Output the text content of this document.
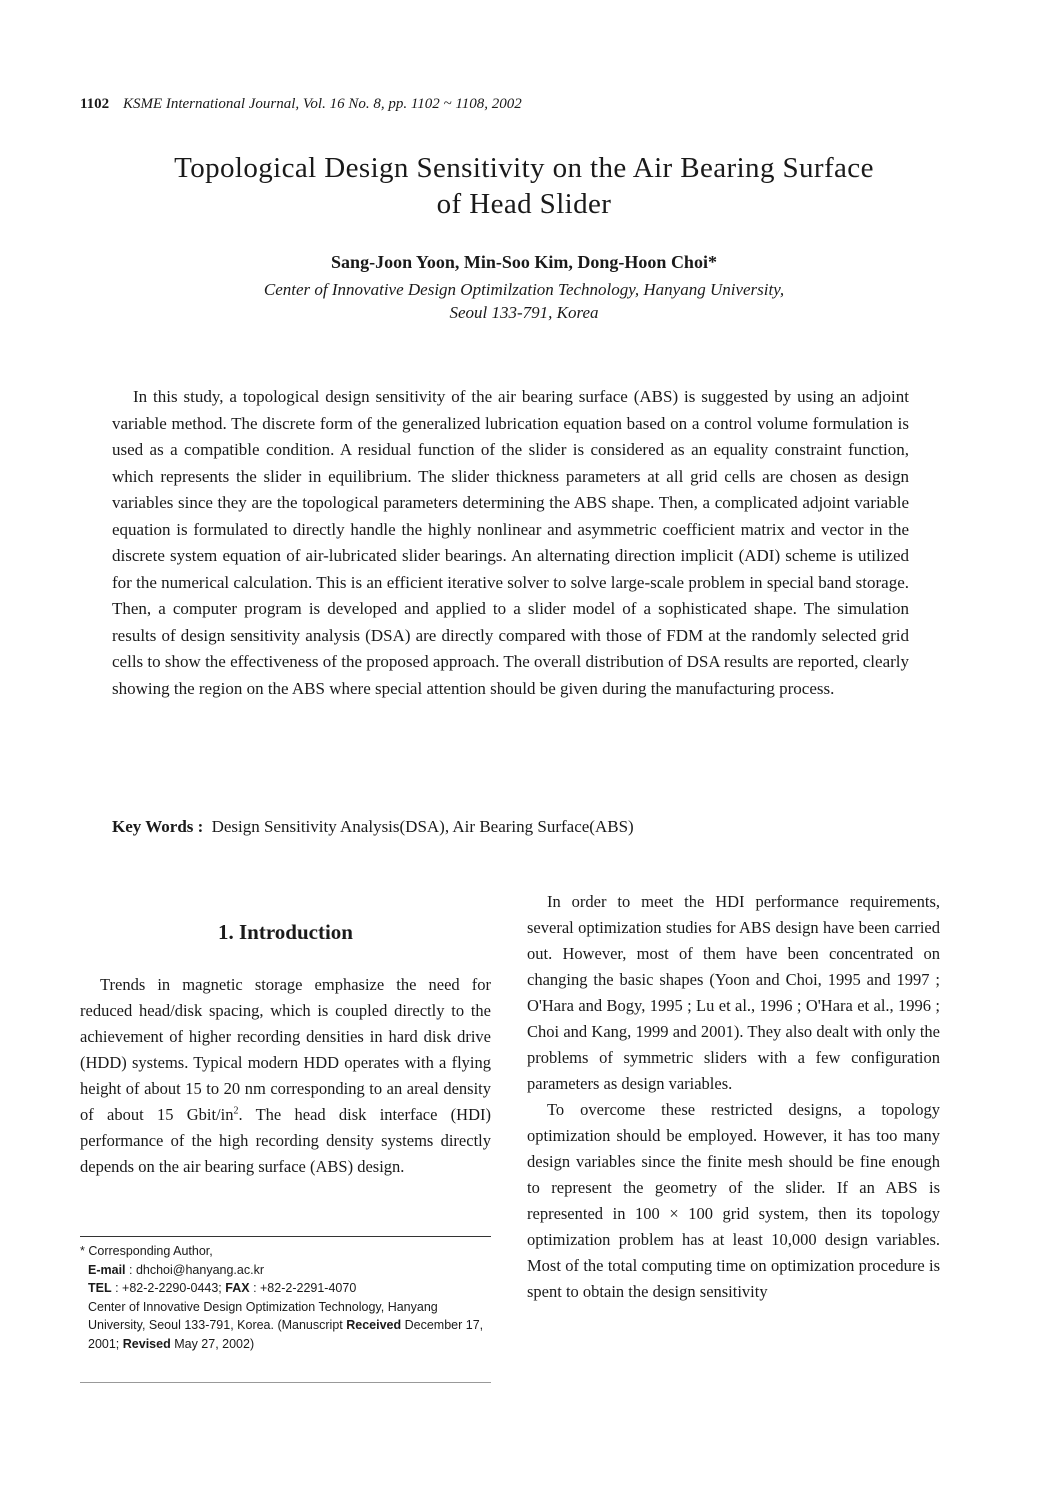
1102 KSME International Journal, Vol. 16 No. 8, pp. 1102 ~ 1108, 2002
Topological Design Sensitivity on the Air Bearing Surface
of Head Slider
Sang-Joon Yoon, Min-Soo Kim, Dong-Hoon Choi*
Center of Innovative Design Optimilzation Technology, Hanyang University,
Seoul 133-791, Korea

In this study, a topological design sensitivity of the air bearing surface (ABS) is suggested by using an adjoint variable method. The discrete form of the generalized lubrication equation based on a control volume formulation is used as a compatible condition. A residual function of the slider is considered as an equality constraint function, which represents the slider in equilibrium. The slider thickness parameters at all grid cells are chosen as design variables since they are the topological parameters determining the ABS shape. Then, a complicated adjoint variable equation is formulated to directly handle the highly nonlinear and asymmetric coefficient matrix and vector in the discrete system equation of air-lubricated slider bearings. An alternating direction implicit (ADI) scheme is utilized for the numerical calculation. This is an efficient iterative solver to solve large-scale problem in special band storage. Then, a computer program is developed and applied to a slider model of a sophisticated shape. The simulation results of design sensitivity analysis (DSA) are directly compared with those of FDM at the randomly selected grid cells to show the effectiveness of the proposed approach. The overall distribution of DSA results are reported, clearly showing the region on the ABS where special attention should be given during the manufacturing process.

Key Words : Design Sensitivity Analysis(DSA), Air Bearing Surface(ABS)
1. Introduction

Trends in magnetic storage emphasize the need for reduced head/disk spacing, which is coupled directly to the achievement of higher recording densities in hard disk drive (HDD) systems. Typical modern HDD operates with a flying height of about 15 to 20 nm corresponding to an areal density of about 15 Gbit/$in^2$. The head disk interface (HDI) performance of the high recording density systems directly depends on the air bearing surface (ABS) design.

* Corresponding Author,
E-mail : dhchoi@hanyang.ac.kr
TEL : +82-2-2290-0443; FAX : +82-2-2291-4070
Center of Innovative Design Optimization Technology, Hanyang University, Seoul 133-791, Korea. (Manuscript Received December 17, 2001; Revised May 27, 2002)

In order to meet the HDI performance requirements, several optimization studies for ABS design have been carried out. However, most of them have been concentrated on changing the basic shapes (Yoon and Choi, 1995 and 1997 ; O'Hara and Bogy, 1995 ; Lu et al., 1996 ; O'Hara et al., 1996 ; Choi and Kang, 1999 and 2001). They also dealt with only the problems of symmetric sliders with a few configuration parameters as design variables.

To overcome these restricted designs, a topology optimization should be employed. However, it has too many design variables since the finite mesh should be fine enough to represent the geometry of the slider. If an ABS is represented in 100 × 100 grid system, then its topology optimization problem has at least 10,000 design variables. Most of the total computing time on optimization procedure is spent to obtain the design sensitivity
